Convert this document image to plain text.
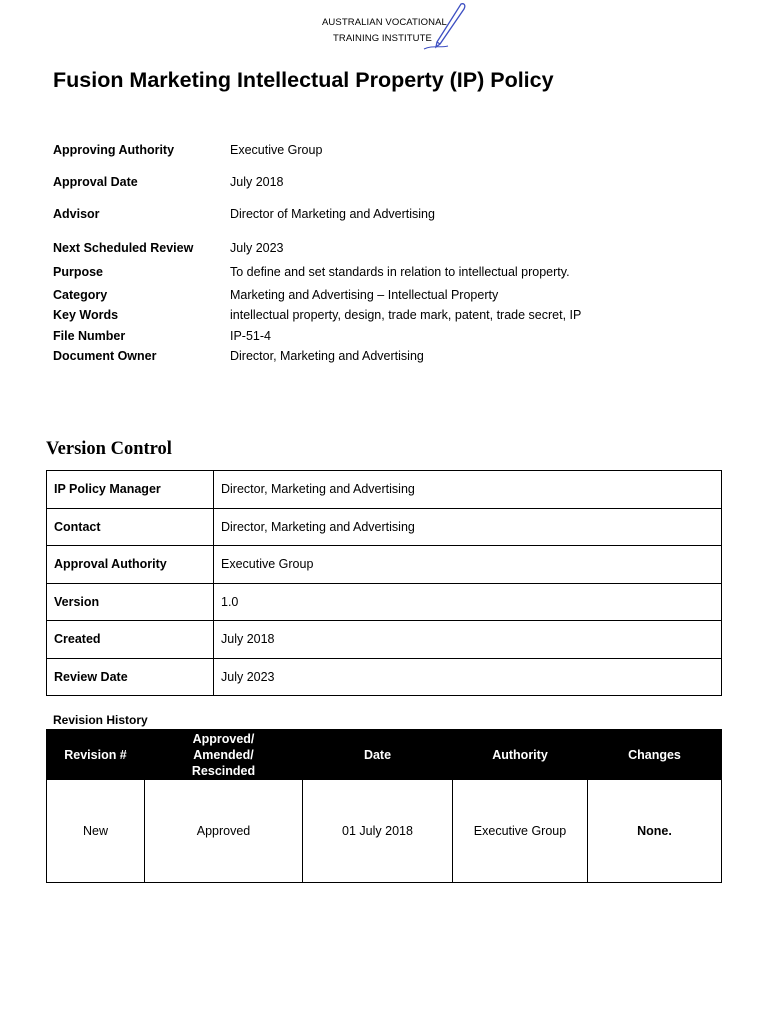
AUSTRALIAN VOCATIONAL
TRAINING INSTITUTE
Fusion Marketing Intellectual Property (IP) Policy
Approving Authority	Executive Group
Approval Date	July 2018
Advisor	Director of Marketing and Advertising
Next Scheduled Review	July 2023
Purpose	To define and set standards in relation to intellectual property.
Category	Marketing and Advertising – Intellectual Property
Key Words	intellectual property, design, trade mark, patent, trade secret, IP
File Number	IP-51-4
Document Owner	Director, Marketing and Advertising
Version Control
IP Policy Manager	Director, Marketing and Advertising
Contact	Director, Marketing and Advertising
Approval Authority	Executive Group
Version	1.0
Created	July 2018
Review Date	July 2023
Revision History
Revision #	Approved/
Amended/
Rescinded	Date	Authority	Changes
New	Approved	01 July 2018	Executive Group	None.
